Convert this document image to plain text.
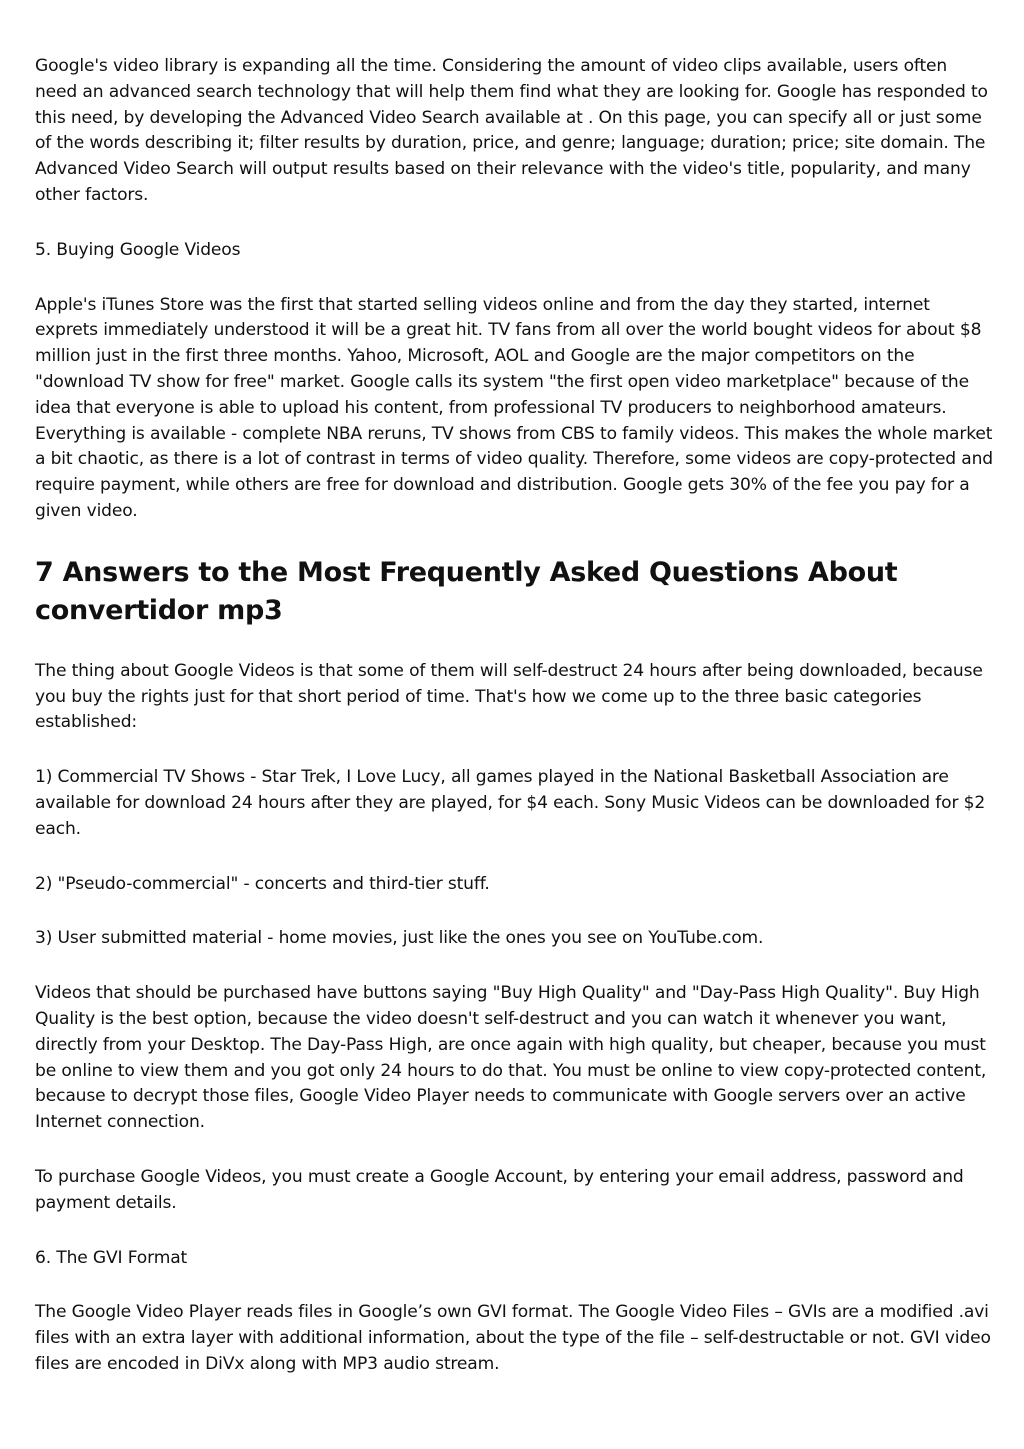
Google's video library is expanding all the time. Considering the amount of video clips available, users often need an advanced search technology that will help them find what they are looking for. Google has responded to this need, by developing the Advanced Video Search available at . On this page, you can specify all or just some of the words describing it; filter results by duration, price, and genre; language; duration; price; site domain. The Advanced Video Search will output results based on their relevance with the video's title, popularity, and many other factors.

5. Buying Google Videos

Apple's iTunes Store was the first that started selling videos online and from the day they started, internet exprets immediately understood it will be a great hit. TV fans from all over the world bought videos for about $8 million just in the first three months. Yahoo, Microsoft, AOL and Google are the major competitors on the "download TV show for free" market. Google calls its system "the first open video marketplace" because of the idea that everyone is able to upload his content, from professional TV producers to neighborhood amateurs. Everything is available - complete NBA reruns, TV shows from CBS to family videos. This makes the whole market a bit chaotic, as there is a lot of contrast in terms of video quality. Therefore, some videos are copy-protected and require payment, while others are free for download and distribution. Google gets 30% of the fee you pay for a given video.

7 Answers to the Most Frequently Asked Questions About convertidor mp3

The thing about Google Videos is that some of them will self-destruct 24 hours after being downloaded, because you buy the rights just for that short period of time. That's how we come up to the three basic categories established:

1) Commercial TV Shows - Star Trek, I Love Lucy, all games played in the National Basketball Association are available for download 24 hours after they are played, for $4 each. Sony Music Videos can be downloaded for $2 each.

2) "Pseudo-commercial" - concerts and third-tier stuff.

3) User submitted material - home movies, just like the ones you see on YouTube.com.

Videos that should be purchased have buttons saying "Buy High Quality" and "Day-Pass High Quality". Buy High Quality is the best option, because the video doesn't self-destruct and you can watch it whenever you want, directly from your Desktop. The Day-Pass High, are once again with high quality, but cheaper, because you must be online to view them and you got only 24 hours to do that. You must be online to view copy-protected content, because to decrypt those files, Google Video Player needs to communicate with Google servers over an active Internet connection.

To purchase Google Videos, you must create a Google Account, by entering your email address, password and payment details.

6. The GVI Format

The Google Video Player reads files in Google’s own GVI format. The Google Video Files – GVIs are a modified .avi files with an extra layer with additional information, about the type of the file – self-destructable or not. GVI video files are encoded in DiVx along with MP3 audio stream.
